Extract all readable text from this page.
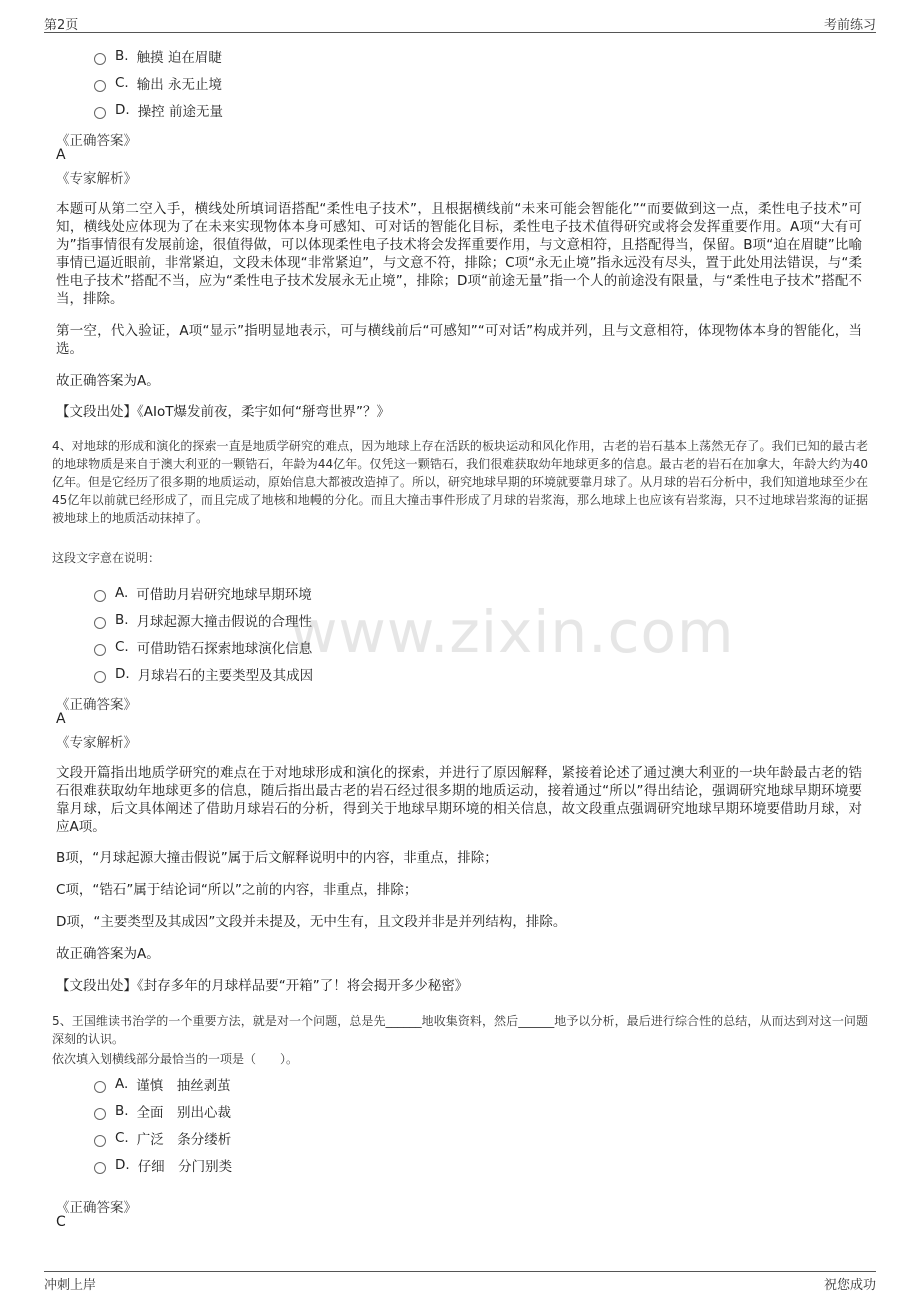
第2页	考前练习
www.zixin.com
B. 触摸 迫在眉睫
C. 输出 永无止境
D. 操控 前途无量
《正确答案》
A
《专家解析》
本题可从第二空入手，横线处所填词语搭配“柔性电子技术”，且根据横线前“未来可能会智能化”“而要做到这一点，柔性电子技术”可知，横线处应体现为了在未来实现物体本身可感知、可对话的智能化目标，柔性电子技术值得研究或将会发挥重要作用。A项“大有可为”指事情很有发展前途，很值得做，可以体现柔性电子技术将会发挥重要作用，与文意相符，且搭配得当，保留。B项“迫在眉睫”比喻事情已逼近眼前，非常紧迫，文段未体现“非常紧迫”，与文意不符，排除；C项“永无止境”指永远没有尽头，置于此处用法错误，与“柔性电子技术”搭配不当，应为“柔性电子技术发展永无止境”，排除；D项“前途无量”指一个人的前途没有限量，与“柔性电子技术”搭配不当，排除。
第一空，代入验证，A项“显示”指明显地表示，可与横线前后“可感知”“可对话”构成并列，且与文意相符，体现物体本身的智能化，当选。
故正确答案为A。
【文段出处】《AIoT爆发前夜，柔宇如何“掰弯世界”？》
4、对地球的形成和演化的探索一直是地质学研究的难点，因为地球上存在活跃的板块运动和风化作用，古老的岩石基本上荡然无存了。我们已知的最古老的地球物质是来自于澳大利亚的一颗锆石，年龄为44亿年。仅凭这一颗锆石，我们很难获取幼年地球更多的信息。最古老的岩石在加拿大，年龄大约为40亿年。但是它经历了很多期的地质运动，原始信息大都被改造掉了。所以，研究地球早期的环境就要靠月球了。从月球的岩石分析中，我们知道地球至少在45亿年以前就已经形成了，而且完成了地核和地幔的分化。而且大撞击事件形成了月球的岩浆海，那么地球上也应该有岩浆海，只不过地球岩浆海的证据被地球上的地质活动抹掉了。
这段文字意在说明：
A. 可借助月岩研究地球早期环境
B. 月球起源大撞击假说的合理性
C. 可借助锆石探索地球演化信息
D. 月球岩石的主要类型及其成因
《正确答案》
A
《专家解析》
文段开篇指出地质学研究的难点在于对地球形成和演化的探索，并进行了原因解释，紧接着论述了通过澳大利亚的一块年龄最古老的锆石很难获取幼年地球更多的信息，随后指出最古老的岩石经过很多期的地质运动，接着通过“所以”得出结论，强调研究地球早期环境要靠月球，后文具体阐述了借助月球岩石的分析，得到关于地球早期环境的相关信息，故文段重点强调研究地球早期环境要借助月球，对应A项。
B项，“月球起源大撞击假说”属于后文解释说明中的内容，非重点，排除；
C项，“锆石”属于结论词“所以”之前的内容，非重点，排除；
D项，“主要类型及其成因”文段并未提及，无中生有，且文段并非是并列结构，排除。
故正确答案为A。
【文段出处】《封存多年的月球样品要“开箱”了！将会揭开多少秘密》
5、王国维读书治学的一个重要方法，就是对一个问题，总是先______地收集资料，然后______地予以分析，最后进行综合性的总结，从而达到对这一问题深刻的认识。
依次填入划横线部分最恰当的一项是（　　）。
A. 谨慎　抽丝剥茧
B. 全面　别出心裁
C. 广泛　条分缕析
D. 仔细　分门别类
《正确答案》
C
冲刺上岸	祝您成功
